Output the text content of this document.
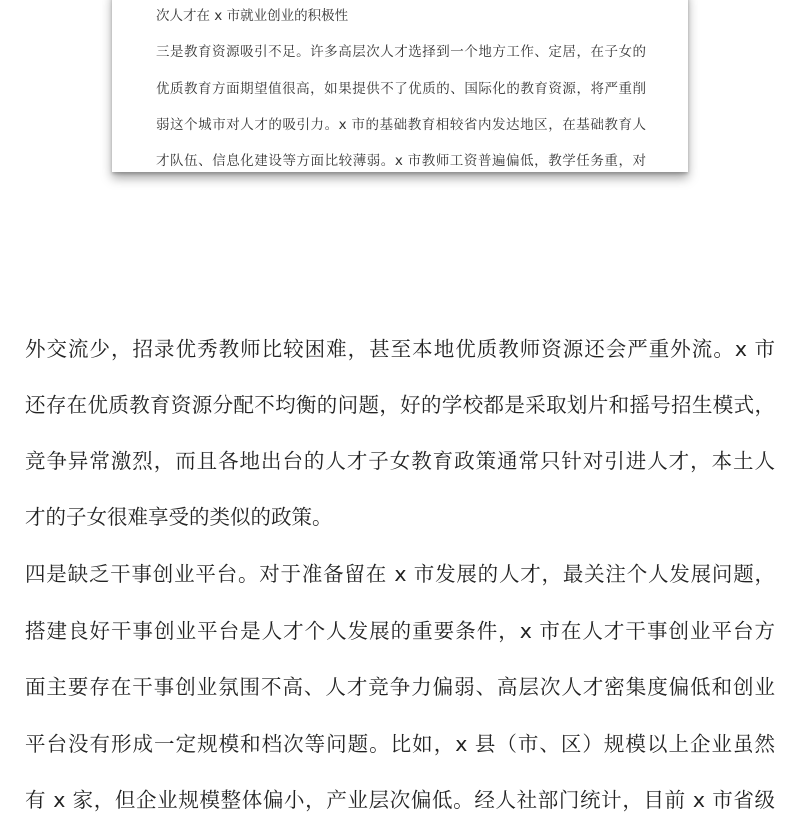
次人才在 x 市就业创业的积极性
三是教育资源吸引不足。许多高层次人才选择到一个地方工作、定居，在子女的
优质教育方面期望值很高，如果提供不了优质的、国际化的教育资源，将严重削
弱这个城市对人才的吸引力。x 市的基础教育相较省内发达地区，在基础教育人
才队伍、信息化建设等方面比较薄弱。x 市教师工资普遍偏低，教学任务重，对
外交流少，招录优秀教师比较困难，甚至本地优质教师资源还会严重外流。x 市
还存在优质教育资源分配不均衡的问题，好的学校都是采取划片和摇号招生模式，
竞争异常激烈，而且各地出台的人才子女教育政策通常只针对引进人才，本土人
才的子女很难享受的类似的政策。
四是缺乏干事创业平台。对于准备留在 x 市发展的人才，最关注个人发展问题，
搭建良好干事创业平台是人才个人发展的重要条件，x 市在人才干事创业平台方
面主要存在干事创业氛围不高、人才竞争力偏弱、高层次人才密集度偏低和创业
平台没有形成一定规模和档次等问题。比如，x 县（市、区）规模以上企业虽然
有 x 家，但企业规模整体偏小，产业层次偏低。经人社部门统计，目前 x 市省级
